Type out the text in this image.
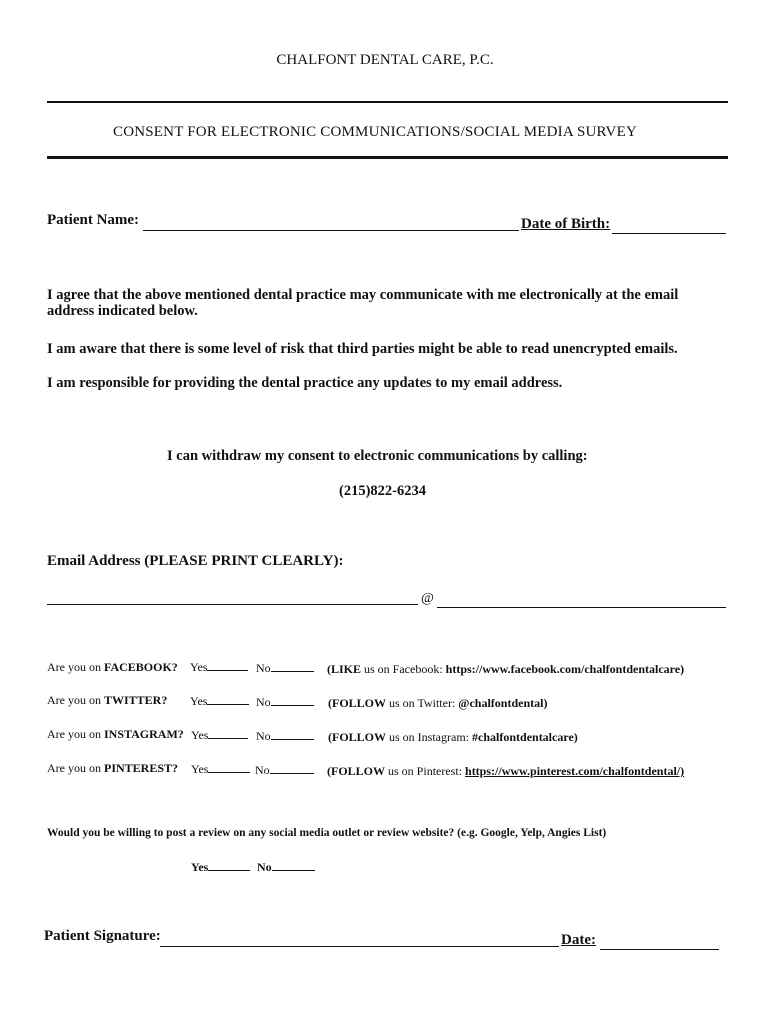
CHALFONT DENTAL CARE, P.C.
CONSENT FOR ELECTRONIC COMMUNICATIONS/SOCIAL MEDIA SURVEY
Patient Name:	Date of Birth:
I agree that the above mentioned dental practice may communicate with me electronically at the email
address indicated below.
I am aware that there is some level of risk that third parties might be able to read unencrypted emails.
I am responsible for providing the dental practice any updates to my email address.
I can withdraw my consent to electronic communications by calling:
(215)822-6234
Email Address (PLEASE PRINT CLEARLY):
@
Are you on FACEBOOK? Yes	No	(LIKE us on Facebook: https://www.facebook.com/chalfontdentalcare)
Are you on TWITTER? Yes	No	(FOLLOW us on Twitter: @chalfontdental)
Are you on INSTAGRAM? Yes	No	(FOLLOW us on Instagram: #chalfontdentalcare)
Are you on PINTEREST? Yes	No	(FOLLOW us on Pinterest: https://www.pinterest.com/chalfontdental/)
Would you be willing to post a review on any social media outlet or review website? (e.g. Google, Yelp, Angies List)
Yes	No
Patient Signature:	Date:
